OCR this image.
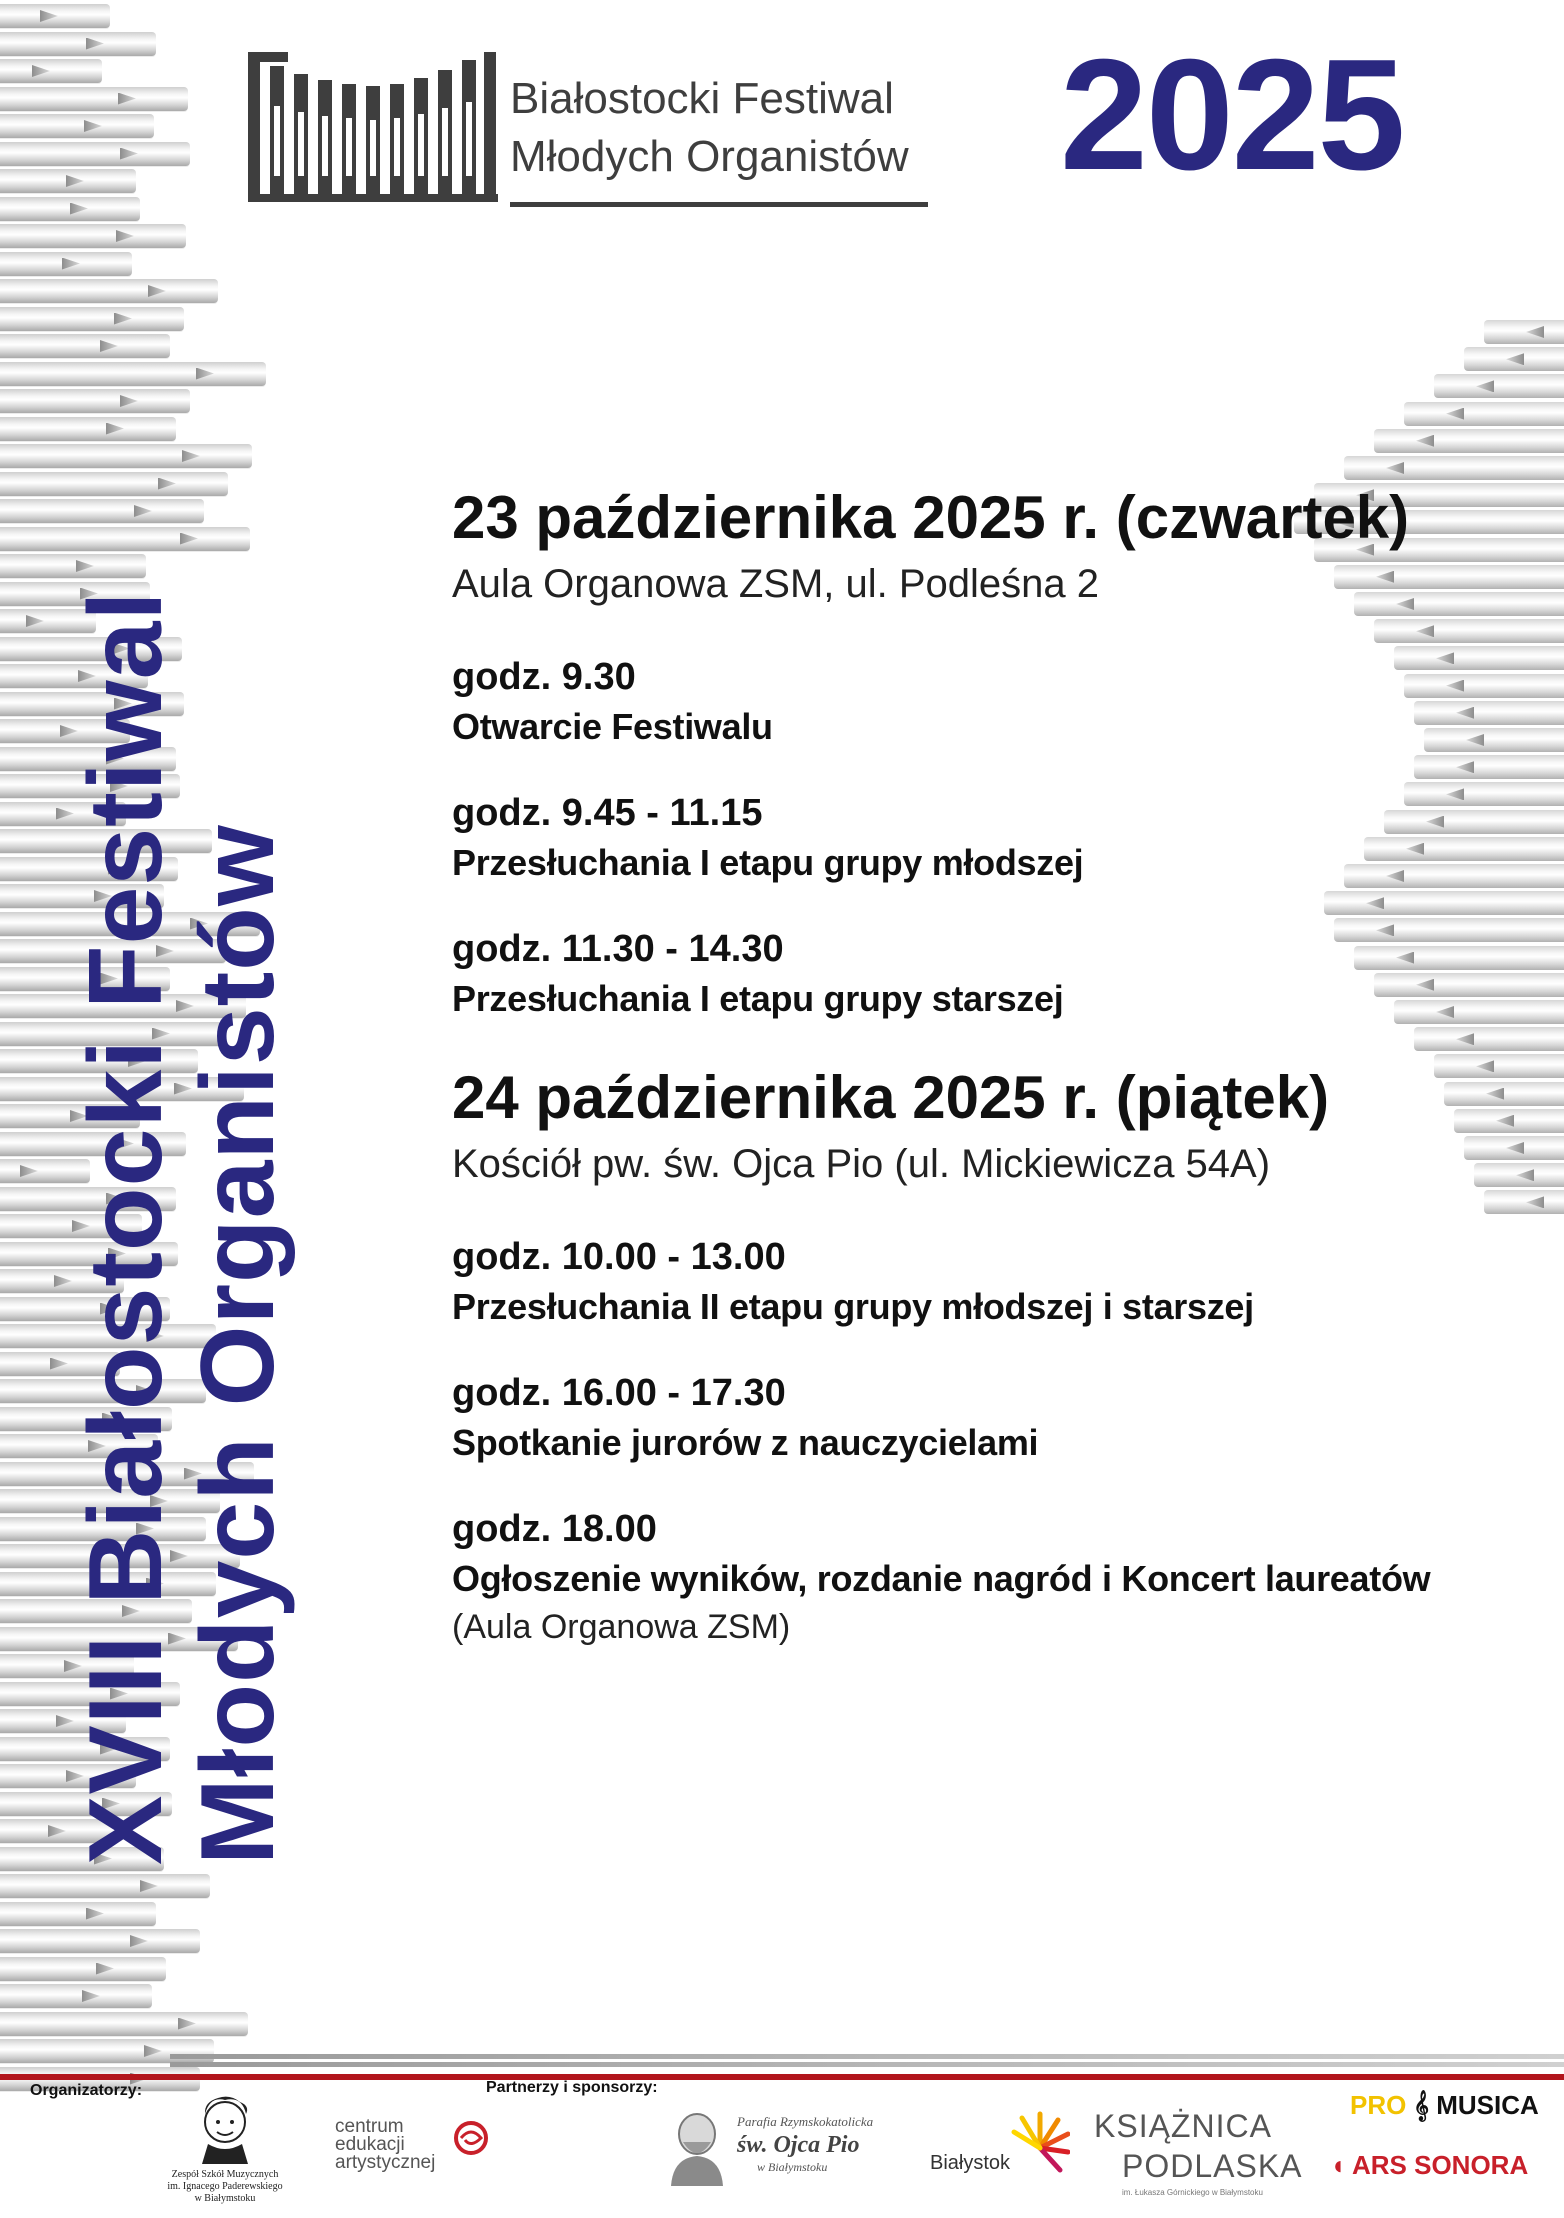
XVIII Białostocki Festiwal
Młodych Organistów
Białostocki Festiwal
Młodych Organistów 2025
23 października 2025 r. (czwartek)
Aula Organowa ZSM, ul. Podleśna 2
godz. 9.30
Otwarcie Festiwalu
godz. 9.45 - 11.15
Przesłuchania I etapu grupy młodszej
godz. 11.30 - 14.30
Przesłuchania I etapu grupy starszej
24 października 2025 r. (piątek)
Kościół pw. św. Ojca Pio (ul. Mickiewicza 54A)
godz. 10.00 - 13.00
Przesłuchania II etapu grupy młodszej i starszej
godz. 16.00 - 17.30
Spotkanie jurorów z nauczycielami
godz. 18.00
Ogłoszenie wyników, rozdanie nagród i Koncert laureatów
(Aula Organowa ZSM)
Organizatorzy:	Partnerzy i sponsorzy:
Zespół Szkół Muzycznych
im. Ignacego Paderewskiego
w Białymstoku
centrum
edukacji
artystycznej
Parafia Rzymskokatolicka
św. Ojca Pio
w Białymstoku	Białystok
KSIĄŻNICA
PODLASKA
im. Łukasza Górnickiego w Białymstoku
PRO 𝄞 MUSICA
◖ ARS SONORA
